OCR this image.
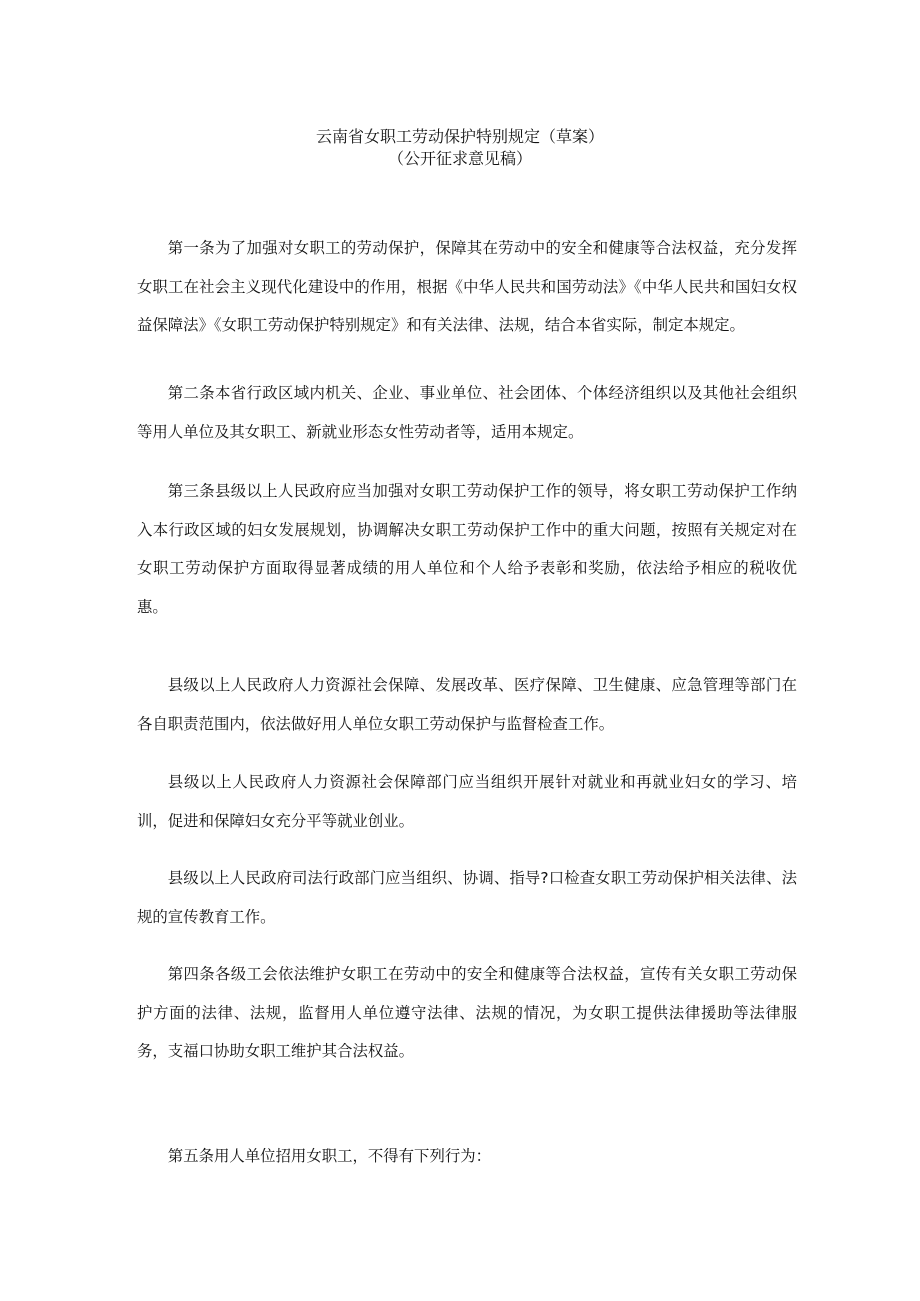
云南省女职工劳动保护特别规定（草案）
（公开征求意见稿）

第一条为了加强对女职工的劳动保护，保障其在劳动中的安全和健康等合法权益，充分发挥女职工在社会主义现代化建设中的作用，根据《中华人民共和国劳动法》《中华人民共和国妇女权益保障法》《女职工劳动保护特别规定》和有关法律、法规，结合本省实际，制定本规定。

第二条本省行政区域内机关、企业、事业单位、社会团体、个体经济组织以及其他社会组织等用人单位及其女职工、新就业形态女性劳动者等，适用本规定。

第三条县级以上人民政府应当加强对女职工劳动保护工作的领导，将女职工劳动保护工作纳入本行政区域的妇女发展规划，协调解决女职工劳动保护工作中的重大问题，按照有关规定对在女职工劳动保护方面取得显著成绩的用人单位和个人给予表彰和奖励，依法给予相应的税收优惠。

县级以上人民政府人力资源社会保障、发展改革、医疗保障、卫生健康、应急管理等部门在各自职责范围内，依法做好用人单位女职工劳动保护与监督检查工作。

县级以上人民政府人力资源社会保障部门应当组织开展针对就业和再就业妇女的学习、培训，促进和保障妇女充分平等就业创业。

县级以上人民政府司法行政部门应当组织、协调、指导?口检查女职工劳动保护相关法律、法规的宣传教育工作。

第四条各级工会依法维护女职工在劳动中的安全和健康等合法权益，宣传有关女职工劳动保护方面的法律、法规，监督用人单位遵守法律、法规的情况，为女职工提供法律援助等法律服务，支福口协助女职工维护其合法权益。

第五条用人单位招用女职工，不得有下列行为：
